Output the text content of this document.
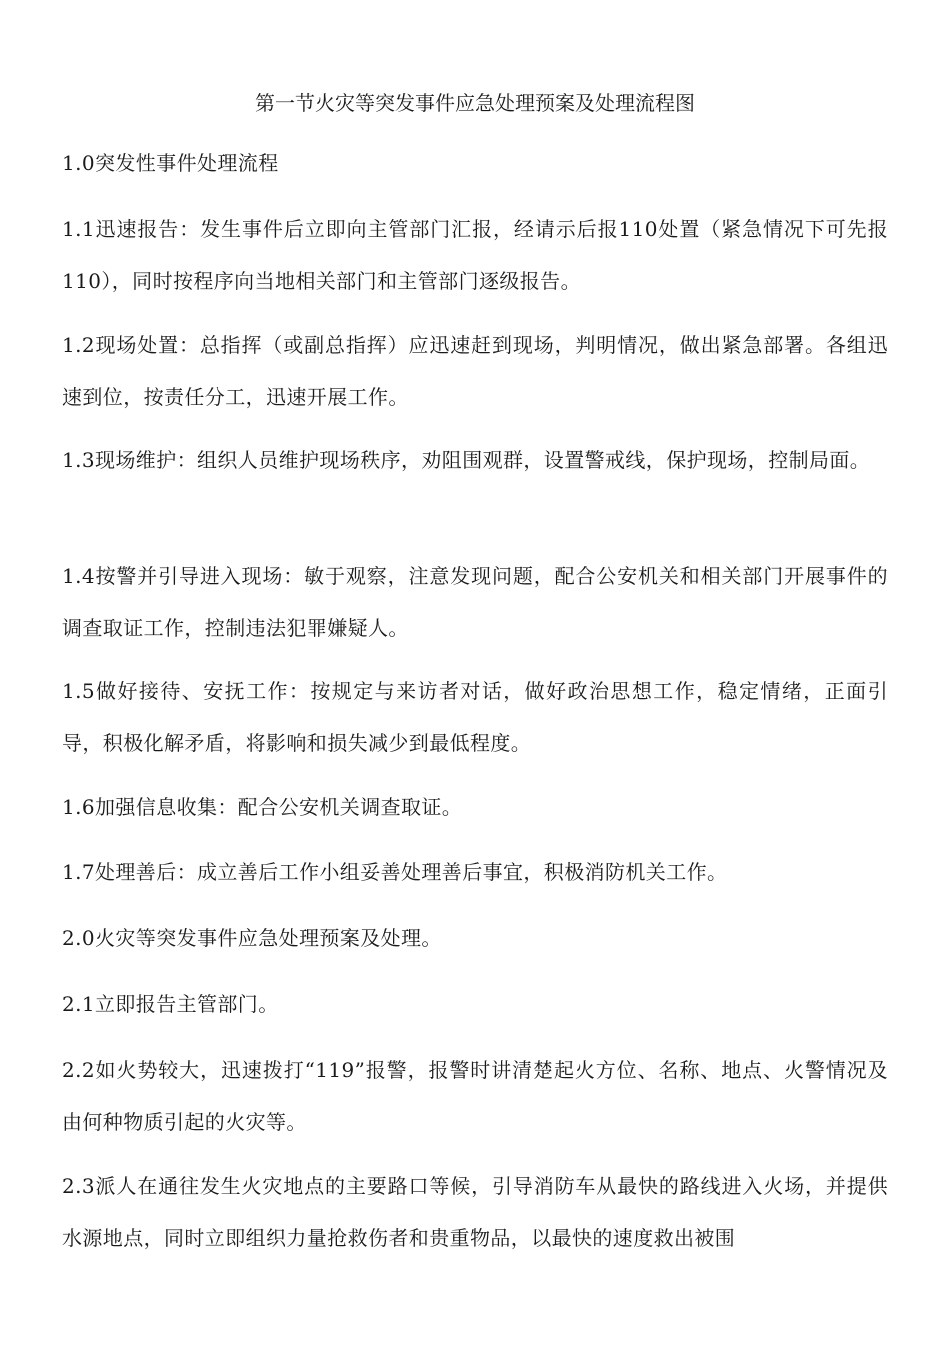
第一节火灾等突发事件应急处理预案及处理流程图
1.0突发性事件处理流程
1.1迅速报告：发生事件后立即向主管部门汇报，经请示后报110处置（紧急情况下可先报110），同时按程序向当地相关部门和主管部门逐级报告。
1.2现场处置：总指挥（或副总指挥）应迅速赶到现场，判明情况，做出紧急部署。各组迅速到位，按责任分工，迅速开展工作。
1.3现场维护：组织人员维护现场秩序，劝阻围观群，设置警戒线，保护现场，控制局面。
1.4按警并引导进入现场：敏于观察，注意发现问题，配合公安机关和相关部门开展事件的调查取证工作，控制违法犯罪嫌疑人。
1.5做好接待、安抚工作：按规定与来访者对话，做好政治思想工作，稳定情绪，正面引导，积极化解矛盾，将影响和损失减少到最低程度。
1.6加强信息收集：配合公安机关调查取证。
1.7处理善后：成立善后工作小组妥善处理善后事宜，积极消防机关工作。
2.0火灾等突发事件应急处理预案及处理。
2.1立即报告主管部门。
2.2如火势较大，迅速拨打“119”报警，报警时讲清楚起火方位、名称、地点、火警情况及由何种物质引起的火灾等。
2.3派人在通往发生火灾地点的主要路口等候，引导消防车从最快的路线进入火场，并提供水源地点，同时立即组织力量抢救伤者和贵重物品，以最快的速度救出被围
